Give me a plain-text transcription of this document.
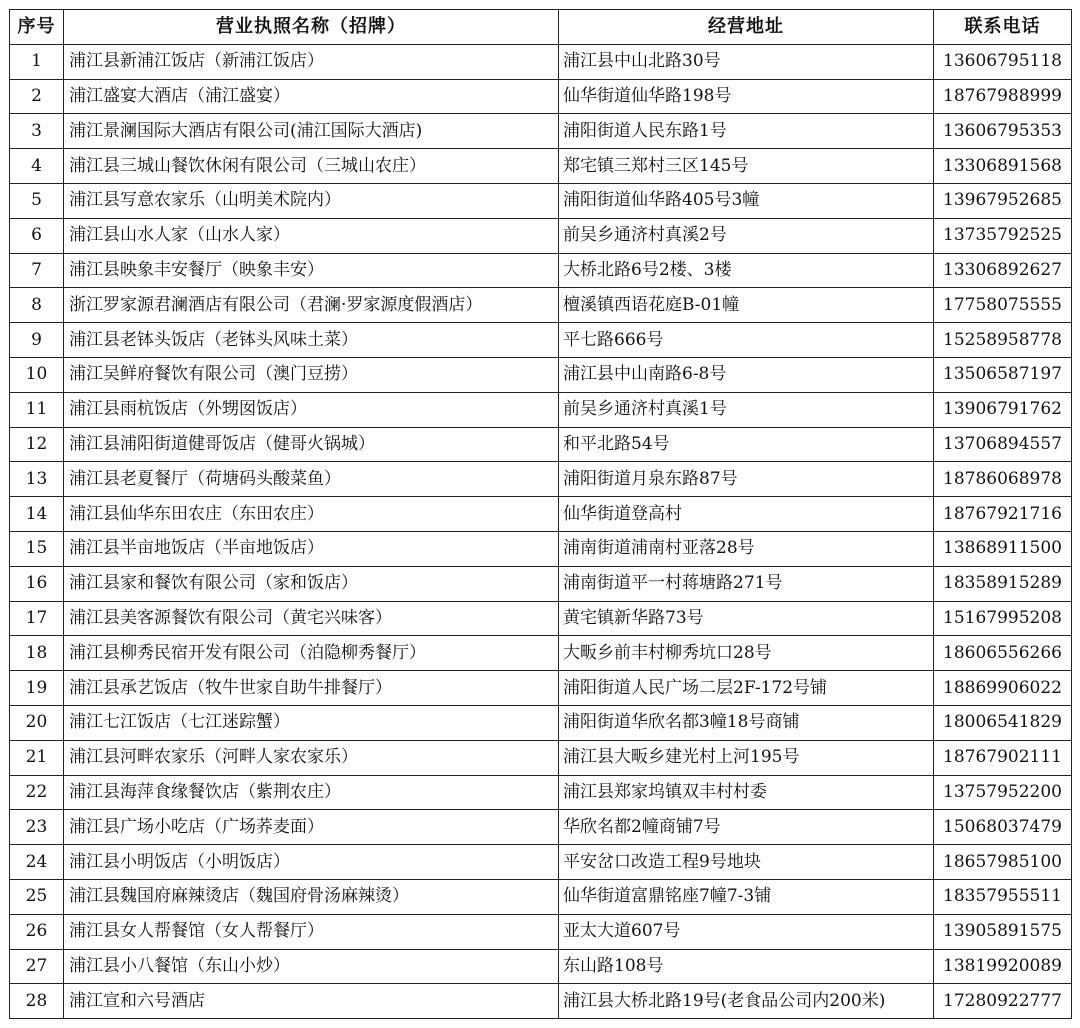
序号	营业执照名称（招牌）	经营地址	联系电话
1	浦江县新浦江饭店（新浦江饭店）	浦江县中山北路30号	13606795118
2	浦江盛宴大酒店（浦江盛宴）	仙华街道仙华路198号	18767988999
3	浦江景澜国际大酒店有限公司(浦江国际大酒店)	浦阳街道人民东路1号	13606795353
4	浦江县三城山餐饮休闲有限公司（三城山农庄）	郑宅镇三郑村三区145号	13306891568
5	浦江县写意农家乐（山明美术院内）	浦阳街道仙华路405号3幢	13967952685
6	浦江县山水人家（山水人家）	前吴乡通济村真溪2号	13735792525
7	浦江县映象丰安餐厅（映象丰安）	大桥北路6号2楼、3楼	13306892627
8	浙江罗家源君澜酒店有限公司（君澜·罗家源度假酒店）	檀溪镇西语花庭B-01幢	17758075555
9	浦江县老钵头饭店（老钵头风味土菜）	平七路666号	15258958778
10	浦江吴鲜府餐饮有限公司（澳门豆捞）	浦江县中山南路6-8号	13506587197
11	浦江县雨杭饭店（外甥囡饭店）	前吴乡通济村真溪1号	13906791762
12	浦江县浦阳街道健哥饭店（健哥火锅城）	和平北路54号	13706894557
13	浦江县老夏餐厅（荷塘码头酸菜鱼）	浦阳街道月泉东路87号	18786068978
14	浦江县仙华东田农庄（东田农庄）	仙华街道登高村	18767921716
15	浦江县半亩地饭店（半亩地饭店）	浦南街道浦南村亚落28号	13868911500
16	浦江县家和餐饮有限公司（家和饭店）	浦南街道平一村蒋塘路271号	18358915289
17	浦江县美客源餐饮有限公司（黄宅兴味客）	黄宅镇新华路73号	15167995208
18	浦江县柳秀民宿开发有限公司（泊隐柳秀餐厅）	大畈乡前丰村柳秀坑口28号	18606556266
19	浦江县承艺饭店（牧牛世家自助牛排餐厅）	浦阳街道人民广场二层2F-172号铺	18869906022
20	浦江七江饭店（七江迷踪蟹）	浦阳街道华欣名都3幢18号商铺	18006541829
21	浦江县河畔农家乐（河畔人家农家乐）	浦江县大畈乡建光村上河195号	18767902111
22	浦江县海萍食缘餐饮店（紫荆农庄）	浦江县郑家坞镇双丰村村委	13757952200
23	浦江县广场小吃店（广场荞麦面）	华欣名都2幢商铺7号	15068037479
24	浦江县小明饭店（小明饭店）	平安岔口改造工程9号地块	18657985100
25	浦江县魏国府麻辣烫店（魏国府骨汤麻辣烫）	仙华街道富鼎铭座7幢7-3铺	18357955511
26	浦江县女人帮餐馆（女人帮餐厅）	亚太大道607号	13905891575
27	浦江县小八餐馆（东山小炒）	东山路108号	13819920089
28	浦江宣和六号酒店	浦江县大桥北路19号(老食品公司内200米)	17280922777
